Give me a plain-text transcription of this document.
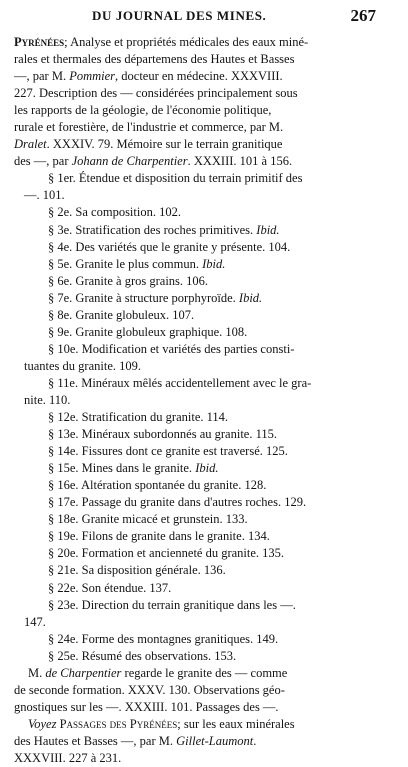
DU JOURNAL DES MINES.	267
Pyrénées; Analyse et propriétés médicales des eaux miné-
rales et thermales des départemens des Hautes et Basses
—, par M. Pommier, docteur en médecine. XXXVIII.
227. Description des — considérées principalement sous
les rapports de la géologie, de l'économie politique,
rurale et forestière, de l'industrie et commerce, par M.
Dralet. XXXIV. 79. Mémoire sur le terrain granitique
des —, par Johann de Charpentier. XXXIII. 101 à 156.
§ 1er. Étendue et disposition du terrain primitif des
—. 101.
§ 2e. Sa composition. 102.
§ 3e. Stratification des roches primitives. Ibid.
§ 4e. Des variétés que le granite y présente. 104.
§ 5e. Granite le plus commun. Ibid.
§ 6e. Granite à gros grains. 106.
§ 7e. Granite à structure porphyroïde. Ibid.
§ 8e. Granite globuleux. 107.
§ 9e. Granite globuleux graphique. 108.
§ 10e. Modification et variétés des parties consti-
tuantes du granite. 109.
§ 11e. Minéraux mêlés accidentellement avec le gra-
nite. 110.
§ 12e. Stratification du granite. 114.
§ 13e. Minéraux subordonnés au granite. 115.
§ 14e. Fissures dont ce granite est traversé. 125.
§ 15e. Mines dans le granite. Ibid.
§ 16e. Altération spontanée du granite. 128.
§ 17e. Passage du granite dans d'autres roches. 129.
§ 18e. Granite micacé et grunstein. 133.
§ 19e. Filons de granite dans le granite. 134.
§ 20e. Formation et ancienneté du granite. 135.
§ 21e. Sa disposition générale. 136.
§ 22e. Son étendue. 137.
§ 23e. Direction du terrain granitique dans les —.
147.
§ 24e. Forme des montagnes granitiques. 149.
§ 25e. Résumé des observations. 153.
M. de Charpentier regarde le granite des — comme
de seconde formation. XXXV. 130. Observations géo-
gnostiques sur les —. XXXIII. 101. Passages des —.
Voyez Passages des Pyrénées; sur les eaux minérales
des Hautes et Basses —, par M. Gillet-Laumont.
XXXVIII. 227 à 231.
